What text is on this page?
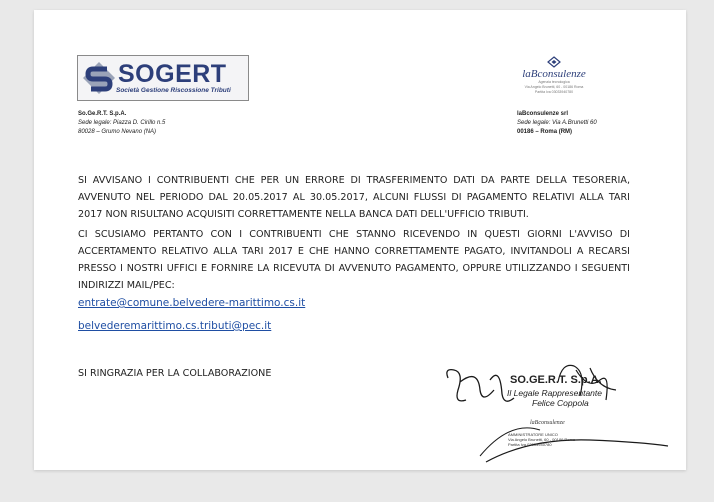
SOGERT
Società Gestione Riscossione Tributi
So.Ge.R.T. S.p.A.
Sede legale: Piazza D. Cirillo n.5
80028 – Grumo Nevano (NA)
laBconsulenze
Agenzia tecnologica
Via Angelo Brunetti, 60 - 00186 Roma
Partita Iva 03033940780
laBconsulenze srl
Sede legale: Via A.Brunetti 60
00186 – Roma (RM)

SI AVVISANO I CONTRIBUENTI CHE PER UN ERRORE DI TRASFERIMENTO DATI DA PARTE DELLA TESORERIA, AVVENUTO NEL PERIODO DAL 20.05.2017 AL 30.05.2017, ALCUNI FLUSSI DI PAGAMENTO RELATIVI ALLA TARI 2017 NON RISULTANO ACQUISITI CORRETTAMENTE NELLA BANCA DATI DELL'UFFICIO TRIBUTI.

CI SCUSIAMO PERTANTO CON I CONTRIBUENTI CHE STANNO RICEVENDO IN QUESTI GIORNI L'AVVISO DI ACCERTAMENTO RELATIVO ALLA TARI 2017 E CHE HANNO CORRETTAMENTE PAGATO, INVITANDOLI A RECARSI PRESSO I NOSTRI UFFICI E FORNIRE LA RICEVUTA DI AVVENUTO PAGAMENTO, OPPURE UTILIZZANDO I SEGUENTI INDIRIZZI MAIL/PEC:

entrate@comune.belvedere-marittimo.cs.it
belvederemarittimo.cs.tributi@pec.it
SI RINGRAZIA PER LA COLLABORAZIONE
SO.GE.R.T. S.p.A.
Il Legale Rappresentante
Felice Coppola
laBconsulenze
AMMINISTRATORE UNICO
Via Angelo Brunetti, 60 - 00186 Roma
Partita Iva 03033940780
